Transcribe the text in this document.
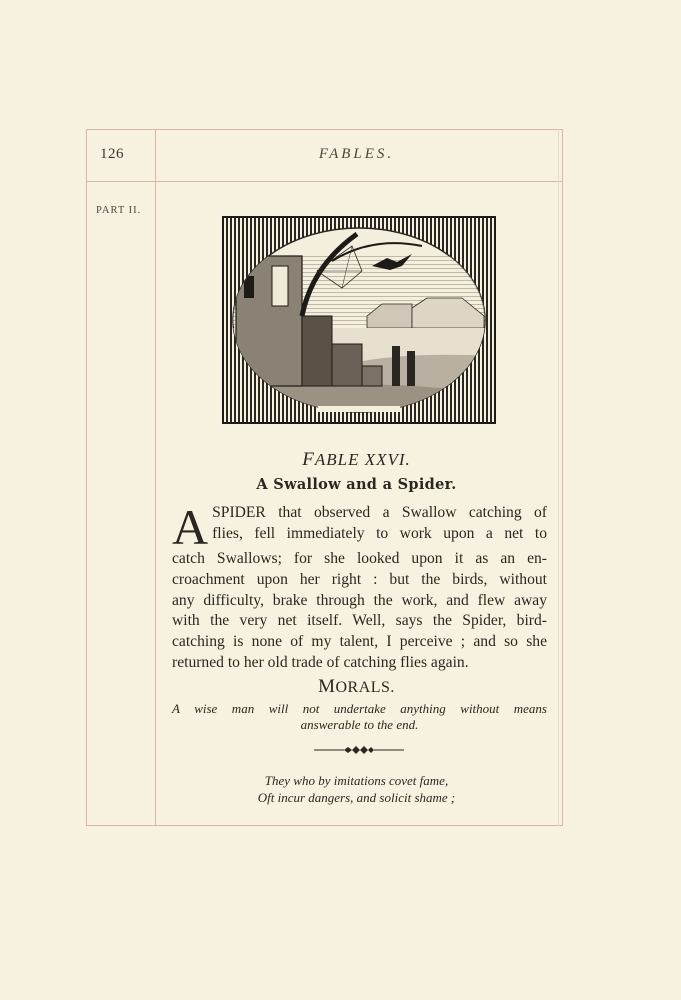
126	FABLES.
PART II.
FABLE XXVI.
A Swallow and a Spider.
A SPIDER that observed a Swallow catching of
flies, fell immediately to work upon a net to
catch Swallows; for she looked upon it as an en-
croachment upon her right : but the birds, without
any difficulty, brake through the work, and flew away
with the very net itself. Well, says the Spider, bird-
catching is none of my talent, I perceive ; and so she
returned to her old trade of catching flies again.
MORALS.
A wise man will not undertake anything without means
answerable to the end.
They who by imitations covet fame,
Oft incur dangers, and solicit shame ;
